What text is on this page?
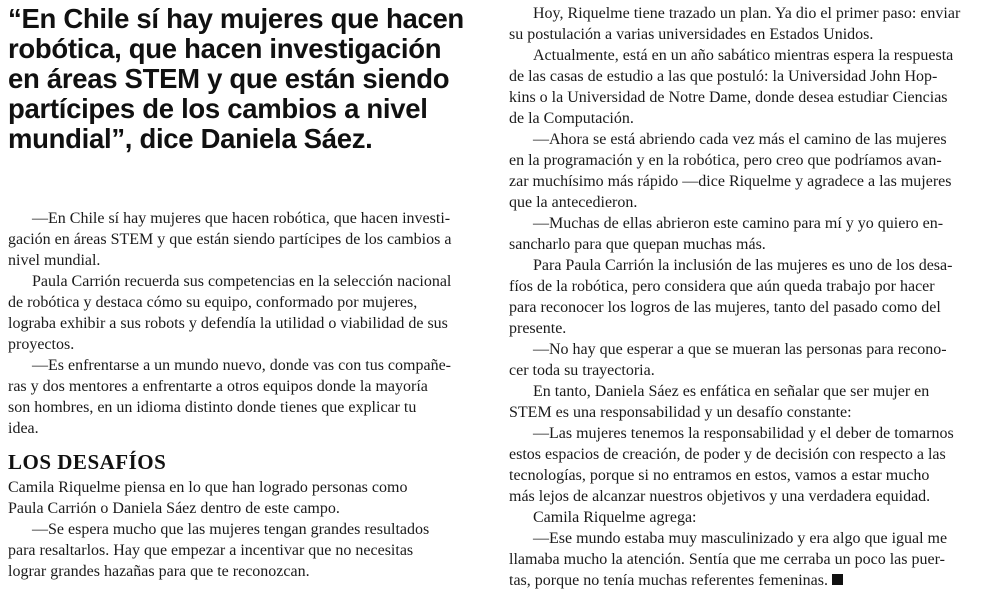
“En Chile sí hay mujeres que hacen
robótica, que hacen investigación
en áreas STEM y que están siendo
partícipes de los cambios a nivel
mundial”, dice Daniela Sáez.

—En Chile sí hay mujeres que hacen robótica, que hacen investi-
gación en áreas STEM y que están siendo partícipes de los cambios a
nivel mundial.

Paula Carrión recuerda sus competencias en la selección nacional
de robótica y destaca cómo su equipo, conformado por mujeres,
lograba exhibir a sus robots y defendía la utilidad o viabilidad de sus
proyectos.

—Es enfrentarse a un mundo nuevo, donde vas con tus compañe-
ras y dos mentores a enfrentarte a otros equipos donde la mayoría
son hombres, en un idioma distinto donde tienes que explicar tu
idea.

LOS DESAFÍOS

Camila Riquelme piensa en lo que han logrado personas como
Paula Carrión o Daniela Sáez dentro de este campo.

—Se espera mucho que las mujeres tengan grandes resultados
para resaltarlos. Hay que empezar a incentivar que no necesitas
lograr grandes hazañas para que te reconozcan.

Hoy, Riquelme tiene trazado un plan. Ya dio el primer paso: enviar
su postulación a varias universidades en Estados Unidos.

Actualmente, está en un año sabático mientras espera la respuesta
de las casas de estudio a las que postuló: la Universidad John Hop-
kins o la Universidad de Notre Dame, donde desea estudiar Ciencias
de la Computación.

—Ahora se está abriendo cada vez más el camino de las mujeres
en la programación y en la robótica, pero creo que podríamos avan-
zar muchísimo más rápido —dice Riquelme y agradece a las mujeres
que la antecedieron.

—Muchas de ellas abrieron este camino para mí y yo quiero en-
sancharlo para que quepan muchas más.

Para Paula Carrión la inclusión de las mujeres es uno de los desa-
fíos de la robótica, pero considera que aún queda trabajo por hacer
para reconocer los logros de las mujeres, tanto del pasado como del
presente.

—No hay que esperar a que se mueran las personas para recono-
cer toda su trayectoria.

En tanto, Daniela Sáez es enfática en señalar que ser mujer en
STEM es una responsabilidad y un desafío constante:

—Las mujeres tenemos la responsabilidad y el deber de tomarnos
estos espacios de creación, de poder y de decisión con respecto a las
tecnologías, porque si no entramos en estos, vamos a estar mucho
más lejos de alcanzar nuestros objetivos y una verdadera equidad.

Camila Riquelme agrega:

—Ese mundo estaba muy masculinizado y era algo que igual me
llamaba mucho la atención. Sentía que me cerraba un poco las puer-
tas, porque no tenía muchas referentes femeninas.
